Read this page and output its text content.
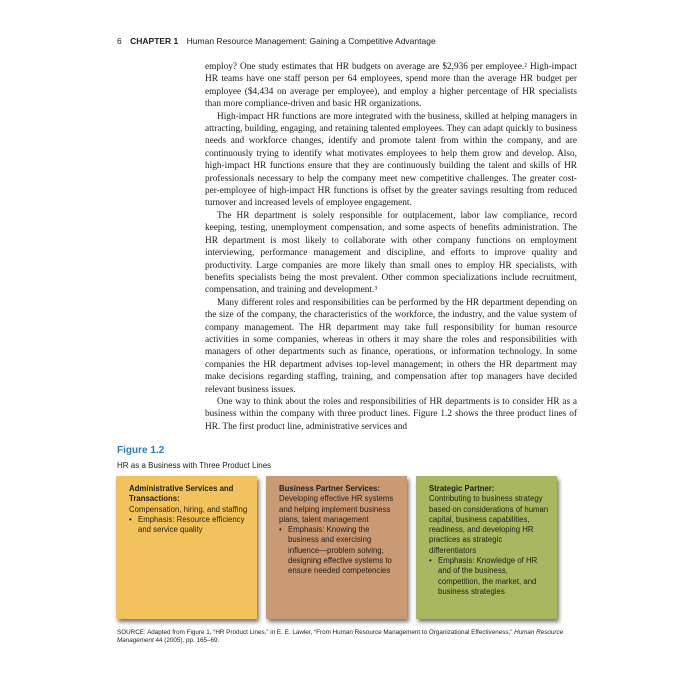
6 CHAPTER 1 Human Resource Management: Gaining a Competitive Advantage

employ? One study estimates that HR budgets on average are $2,936 per employee.² High-impact HR teams have one staff person per 64 employees, spend more than the average HR budget per employee ($4,434 on average per employee), and employ a higher percentage of HR specialists than more compliance-driven and basic HR organizations.

High-impact HR functions are more integrated with the business, skilled at helping managers in attracting, building, engaging, and retaining talented employees. They can adapt quickly to business needs and workforce changes, identify and promote talent from within the company, and are continuously trying to identify what motivates employees to help them grow and develop. Also, high-impact HR functions ensure that they are continuously building the talent and skills of HR professionals necessary to help the company meet new competitive challenges. The greater cost-per-employee of high-impact HR functions is offset by the greater savings resulting from reduced turnover and increased levels of employee engagement.

The HR department is solely responsible for outplacement, labor law compliance, record keeping, testing, unemployment compensation, and some aspects of benefits administration. The HR department is most likely to collaborate with other company functions on employment interviewing, performance management and discipline, and efforts to improve quality and productivity. Large companies are more likely than small ones to employ HR specialists, with benefits specialists being the most prevalent. Other common specializations include recruitment, compensation, and training and development.³

Many different roles and responsibilities can be performed by the HR department depending on the size of the company, the characteristics of the workforce, the industry, and the value system of company management. The HR department may take full responsibility for human resource activities in some companies, whereas in others it may share the roles and responsibilities with managers of other departments such as finance, operations, or information technology. In some companies the HR department advises top-level management; in others the HR department may make decisions regarding staffing, training, and compensation after top managers have decided relevant business issues.

One way to think about the roles and responsibilities of HR departments is to consider HR as a business within the company with three product lines. Figure 1.2 shows the three product lines of HR. The first product line, administrative services and

Figure 1.2
HR as a Business with Three Product Lines
Administrative Services and Transactions:
Compensation, hiring, and staffing
• Emphasis: Resource efficiency and service quality
Business Partner Services:
Developing effective HR systems and helping implement business plans, talent management
• Emphasis: Knowing the business and exercising influence—problem solving, designing effective systems to ensure needed competencies
Strategic Partner:
Contributing to business strategy based on considerations of human capital, business capabilities, readiness, and developing HR practices as strategic differentiators
• Emphasis: Knowledge of HR and of the business, competition, the market, and business strategies
SOURCE: Adapted from Figure 1, “HR Product Lines,” in E. E. Lawler, “From Human Resource Management to Organizational Effectiveness,” Human Resource Management 44 (2005), pp. 165–69.
